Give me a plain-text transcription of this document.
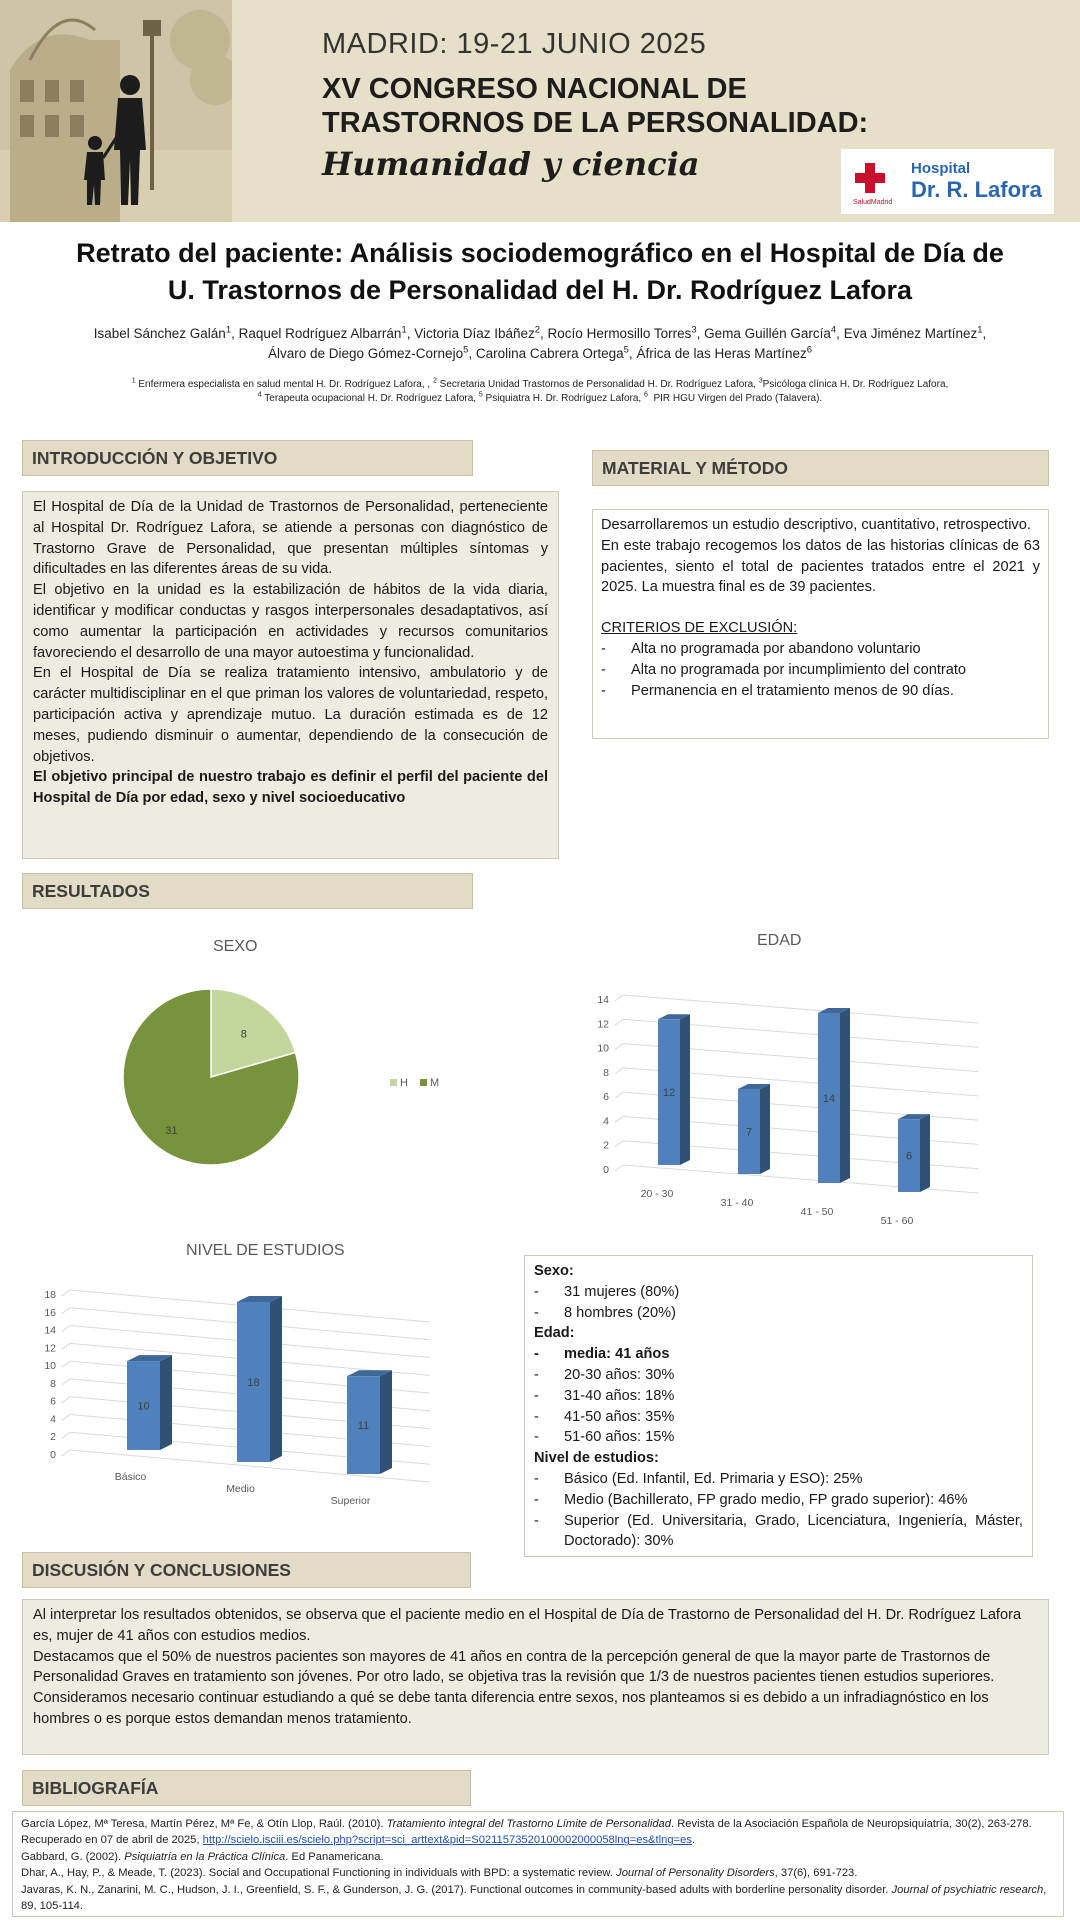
MADRID: 19-21 JUNIO 2025
XV CONGRESO NACIONAL DE
TRASTORNOS DE LA PERSONALIDAD:
Humanidad y ciencia
·
SaludMadrid
Hospital
Dr. R. Lafora
Retrato del paciente: Análisis sociodemográfico en el Hospital de Día de
U. Trastornos de Personalidad del H. Dr. Rodríguez Lafora
Isabel Sánchez Galán$^1$, Raquel Rodríguez Albarrán$^1$, Victoria Díaz Ibáñez$^2$, Rocío Hermosillo Torres$^3$, Gema Guillén García$^4$, Eva Jiménez Martínez$^1$,
Álvaro de Diego Gómez-Cornejo$^5$, Carolina Cabrera Ortega$^5$, África de las Heras Martínez$^6$
$^1$ Enfermera especialista en salud mental H. Dr. Rodríguez Lafora, , $^2$ Secretaria Unidad Trastornos de Personalidad H. Dr. Rodríguez Lafora, $^3$Psicóloga clínica H. Dr. Rodríguez Lafora,
$^4$ Terapeuta ocupacional H. Dr. Rodríguez Lafora, $^5$ Psiquiatra H. Dr. Rodríguez Lafora, $^6$ PIR HGU Virgen del Prado (Talavera).
INTRODUCCIÓN Y OBJETIVO
El Hospital de Día de la Unidad de Trastornos de Personalidad, perteneciente al Hospital Dr. Rodríguez Lafora, se atiende a personas con diagnóstico de Trastorno Grave de Personalidad, que presentan múltiples síntomas y dificultades en las diferentes áreas de su vida.
El objetivo en la unidad es la estabilización de hábitos de la vida diaria, identificar y modificar conductas y rasgos interpersonales desadaptativos, así como aumentar la participación en actividades y recursos comunitarios favoreciendo el desarrollo de una mayor autoestima y funcionalidad.
En el Hospital de Día se realiza tratamiento intensivo, ambulatorio y de carácter multidisciplinar en el que priman los valores de voluntariedad, respeto, participación activa y aprendizaje mutuo. La duración estimada es de 12 meses, pudiendo disminuir o aumentar, dependiendo de la consecución de objetivos.
El objetivo principal de nuestro trabajo es definir el perfil del paciente del Hospital de Día por edad, sexo y nivel socioeducativo
MATERIAL Y MÉTODO
Desarrollaremos un estudio descriptivo, cuantitativo, retrospectivo.
En este trabajo recogemos los datos de las historias clínicas de 63 pacientes, siento el total de pacientes tratados entre el 2021 y 2025. La muestra final es de 39 pacientes.
CRITERIOS DE EXCLUSIÓN:
- Alta no programada por abandono voluntario
- Alta no programada por incumplimiento del contrato
- Permanencia en el tratamiento menos de 90 días.
RESULTADOS
SEXO
8
31
H M
EDAD
0
2
4
6
8
10
12
14
12
20 - 30
7
31 - 40
14
41 - 50
6
51 - 60
NIVEL DE ESTUDIOS
0
2
4
6
8
10
12
14
16
18
10
Básico
18
Medio
11
Superior
Sexo:
- 31 mujeres (80%)
- 8 hombres (20%)
Edad:
- media: 41 años
- 20-30 años: 30%
- 31-40 años: 18%
- 41-50 años: 35%
- 51-60 años: 15%
Nivel de estudios:
- Básico (Ed. Infantil, Ed. Primaria y ESO): 25%
- Medio (Bachillerato, FP grado medio, FP grado superior): 46%
- Superior (Ed. Universitaria, Grado, Licenciatura, Ingeniería, Máster, Doctorado): 30%
DISCUSIÓN Y CONCLUSIONES
Al interpretar los resultados obtenidos, se observa que el paciente medio en el Hospital de Día de Trastorno de Personalidad del H. Dr. Rodríguez Lafora es, mujer de 41 años con estudios medios.
Destacamos que el 50% de nuestros pacientes son mayores de 41 años en contra de la percepción general de que la mayor parte de Trastornos de Personalidad Graves en tratamiento son jóvenes. Por otro lado, se objetiva tras la revisión que 1/3 de nuestros pacientes tienen estudios superiores.
Consideramos necesario continuar estudiando a qué se debe tanta diferencia entre sexos, nos planteamos si es debido a un infradiagnóstico en los hombres o es porque estos demandan menos tratamiento.
BIBLIOGRAFÍA
García López, Mª Teresa, Martín Pérez, Mª Fe, & Otín Llop, Raúl. (2010). Tratamiento integral del Trastorno Límite de Personalidad. Revista de la Asociación Española de Neuropsiquiatría, 30(2), 263-278. Recuperado en 07 de abril de 2025, http://scielo.isciii.es/scielo.php?script=sci_arttext&pid=S0211573520100002000058lng=es&tlng=es.
Gabbard, G. (2002). Psiquiatría en la Práctica Clínica. Ed Panamericana.
Dhar, A., Hay, P., & Meade, T. (2023). Social and Occupational Functioning in individuals with BPD: a systematic review. Journal of Personality Disorders, 37(6), 691-723.
Javaras, K. N., Zanarini, M. C., Hudson, J. I., Greenfield, S. F., & Gunderson, J. G. (2017). Functional outcomes in community-based adults with borderline personality disorder. Journal of psychiatric research, 89, 105-114.
